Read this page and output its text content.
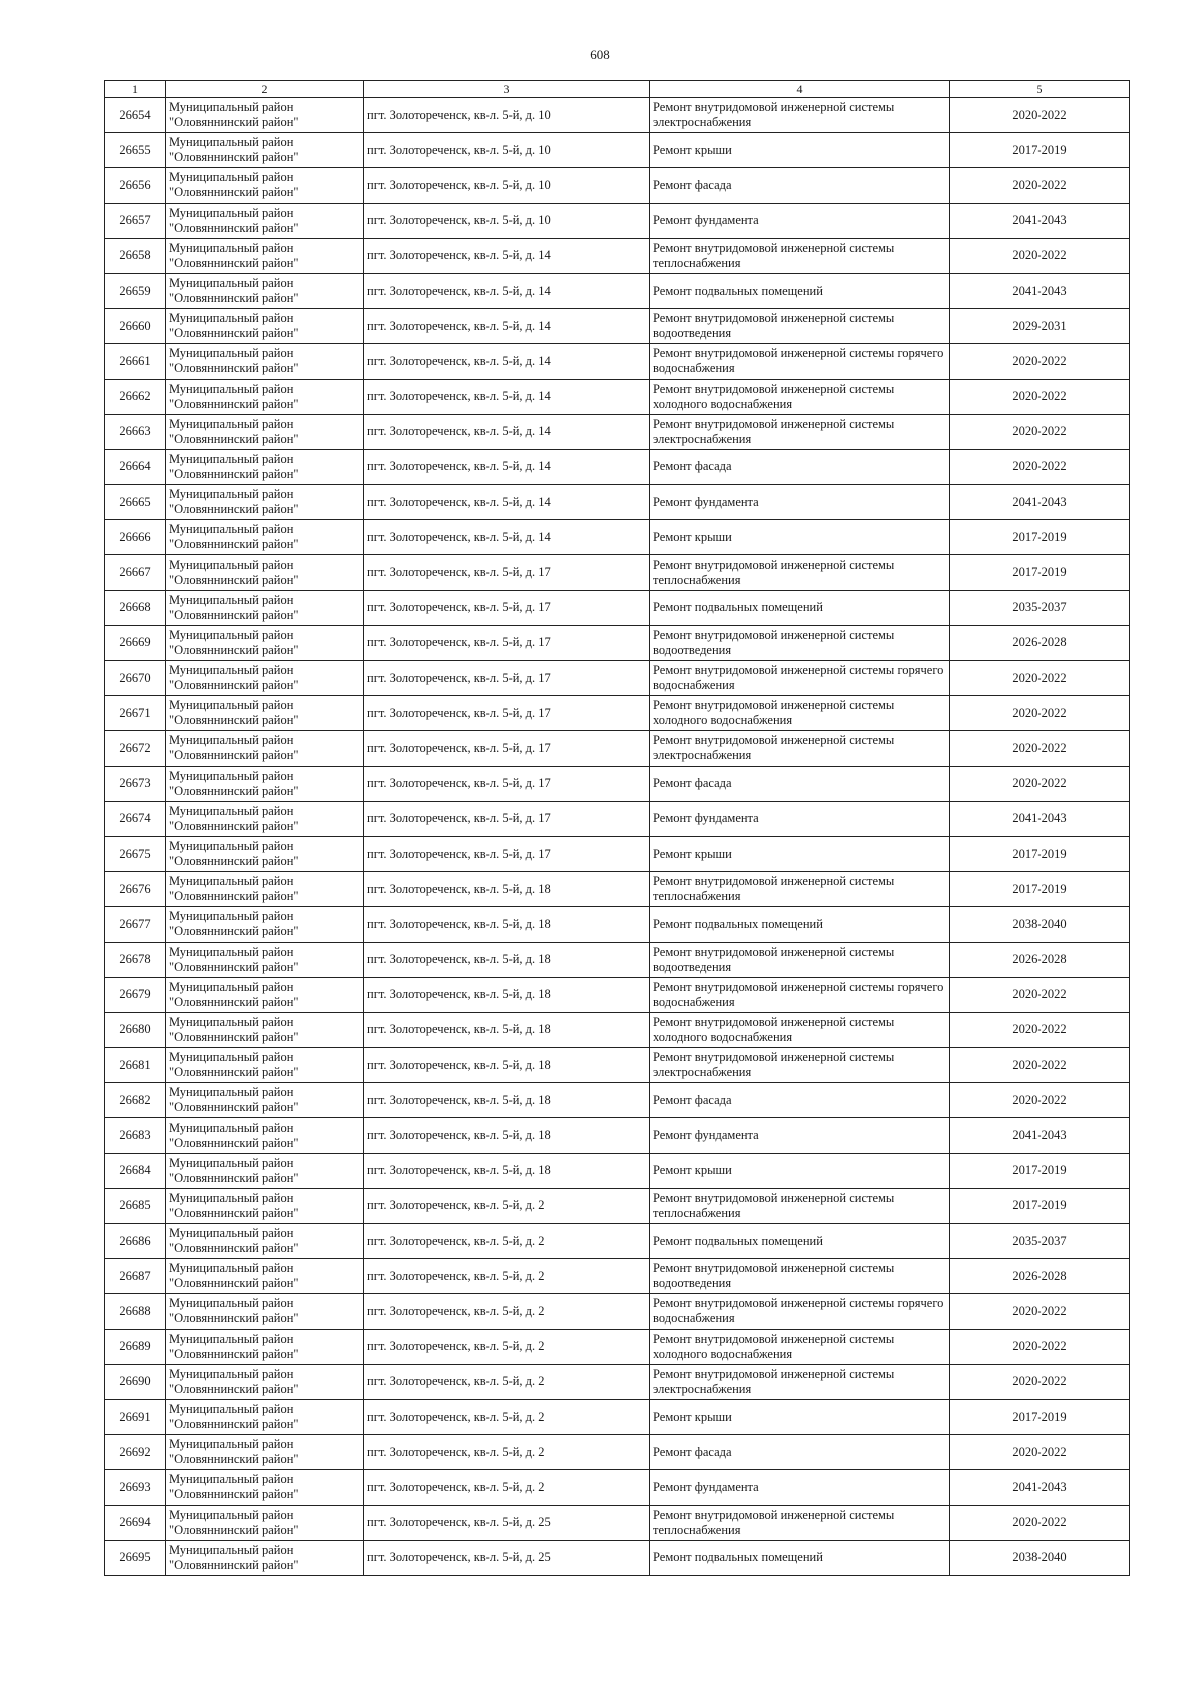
608
1	2	3	4	5
26654	Муниципальный район "Оловяннинский район"	пгт. Золотореченск, кв-л. 5-й, д. 10	Ремонт внутридомовой инженерной системы электроснабжения	2020-2022
26655	Муниципальный район "Оловяннинский район"	пгт. Золотореченск, кв-л. 5-й, д. 10	Ремонт крыши	2017-2019
26656	Муниципальный район "Оловяннинский район"	пгт. Золотореченск, кв-л. 5-й, д. 10	Ремонт фасада	2020-2022
26657	Муниципальный район "Оловяннинский район"	пгт. Золотореченск, кв-л. 5-й, д. 10	Ремонт фундамента	2041-2043
26658	Муниципальный район "Оловяннинский район"	пгт. Золотореченск, кв-л. 5-й, д. 14	Ремонт внутридомовой инженерной системы теплоснабжения	2020-2022
26659	Муниципальный район "Оловяннинский район"	пгт. Золотореченск, кв-л. 5-й, д. 14	Ремонт подвальных помещений	2041-2043
26660	Муниципальный район "Оловяннинский район"	пгт. Золотореченск, кв-л. 5-й, д. 14	Ремонт внутридомовой инженерной системы водоотведения	2029-2031
26661	Муниципальный район "Оловяннинский район"	пгт. Золотореченск, кв-л. 5-й, д. 14	Ремонт внутридомовой инженерной системы горячего водоснабжения	2020-2022
26662	Муниципальный район "Оловяннинский район"	пгт. Золотореченск, кв-л. 5-й, д. 14	Ремонт внутридомовой инженерной системы холодного водоснабжения	2020-2022
26663	Муниципальный район "Оловяннинский район"	пгт. Золотореченск, кв-л. 5-й, д. 14	Ремонт внутридомовой инженерной системы электроснабжения	2020-2022
26664	Муниципальный район "Оловяннинский район"	пгт. Золотореченск, кв-л. 5-й, д. 14	Ремонт фасада	2020-2022
26665	Муниципальный район "Оловяннинский район"	пгт. Золотореченск, кв-л. 5-й, д. 14	Ремонт фундамента	2041-2043
26666	Муниципальный район "Оловяннинский район"	пгт. Золотореченск, кв-л. 5-й, д. 14	Ремонт крыши	2017-2019
26667	Муниципальный район "Оловяннинский район"	пгт. Золотореченск, кв-л. 5-й, д. 17	Ремонт внутридомовой инженерной системы теплоснабжения	2017-2019
26668	Муниципальный район "Оловяннинский район"	пгт. Золотореченск, кв-л. 5-й, д. 17	Ремонт подвальных помещений	2035-2037
26669	Муниципальный район "Оловяннинский район"	пгт. Золотореченск, кв-л. 5-й, д. 17	Ремонт внутридомовой инженерной системы водоотведения	2026-2028
26670	Муниципальный район "Оловяннинский район"	пгт. Золотореченск, кв-л. 5-й, д. 17	Ремонт внутридомовой инженерной системы горячего водоснабжения	2020-2022
26671	Муниципальный район "Оловяннинский район"	пгт. Золотореченск, кв-л. 5-й, д. 17	Ремонт внутридомовой инженерной системы холодного водоснабжения	2020-2022
26672	Муниципальный район "Оловяннинский район"	пгт. Золотореченск, кв-л. 5-й, д. 17	Ремонт внутридомовой инженерной системы электроснабжения	2020-2022
26673	Муниципальный район "Оловяннинский район"	пгт. Золотореченск, кв-л. 5-й, д. 17	Ремонт фасада	2020-2022
26674	Муниципальный район "Оловяннинский район"	пгт. Золотореченск, кв-л. 5-й, д. 17	Ремонт фундамента	2041-2043
26675	Муниципальный район "Оловяннинский район"	пгт. Золотореченск, кв-л. 5-й, д. 17	Ремонт крыши	2017-2019
26676	Муниципальный район "Оловяннинский район"	пгт. Золотореченск, кв-л. 5-й, д. 18	Ремонт внутридомовой инженерной системы теплоснабжения	2017-2019
26677	Муниципальный район "Оловяннинский район"	пгт. Золотореченск, кв-л. 5-й, д. 18	Ремонт подвальных помещений	2038-2040
26678	Муниципальный район "Оловяннинский район"	пгт. Золотореченск, кв-л. 5-й, д. 18	Ремонт внутридомовой инженерной системы водоотведения	2026-2028
26679	Муниципальный район "Оловяннинский район"	пгт. Золотореченск, кв-л. 5-й, д. 18	Ремонт внутридомовой инженерной системы горячего водоснабжения	2020-2022
26680	Муниципальный район "Оловяннинский район"	пгт. Золотореченск, кв-л. 5-й, д. 18	Ремонт внутридомовой инженерной системы холодного водоснабжения	2020-2022
26681	Муниципальный район "Оловяннинский район"	пгт. Золотореченск, кв-л. 5-й, д. 18	Ремонт внутридомовой инженерной системы электроснабжения	2020-2022
26682	Муниципальный район "Оловяннинский район"	пгт. Золотореченск, кв-л. 5-й, д. 18	Ремонт фасада	2020-2022
26683	Муниципальный район "Оловяннинский район"	пгт. Золотореченск, кв-л. 5-й, д. 18	Ремонт фундамента	2041-2043
26684	Муниципальный район "Оловяннинский район"	пгт. Золотореченск, кв-л. 5-й, д. 18	Ремонт крыши	2017-2019
26685	Муниципальный район "Оловяннинский район"	пгт. Золотореченск, кв-л. 5-й, д. 2	Ремонт внутридомовой инженерной системы теплоснабжения	2017-2019
26686	Муниципальный район "Оловяннинский район"	пгт. Золотореченск, кв-л. 5-й, д. 2	Ремонт подвальных помещений	2035-2037
26687	Муниципальный район "Оловяннинский район"	пгт. Золотореченск, кв-л. 5-й, д. 2	Ремонт внутридомовой инженерной системы водоотведения	2026-2028
26688	Муниципальный район "Оловяннинский район"	пгт. Золотореченск, кв-л. 5-й, д. 2	Ремонт внутридомовой инженерной системы горячего водоснабжения	2020-2022
26689	Муниципальный район "Оловяннинский район"	пгт. Золотореченск, кв-л. 5-й, д. 2	Ремонт внутридомовой инженерной системы холодного водоснабжения	2020-2022
26690	Муниципальный район "Оловяннинский район"	пгт. Золотореченск, кв-л. 5-й, д. 2	Ремонт внутридомовой инженерной системы электроснабжения	2020-2022
26691	Муниципальный район "Оловяннинский район"	пгт. Золотореченск, кв-л. 5-й, д. 2	Ремонт крыши	2017-2019
26692	Муниципальный район "Оловяннинский район"	пгт. Золотореченск, кв-л. 5-й, д. 2	Ремонт фасада	2020-2022
26693	Муниципальный район "Оловяннинский район"	пгт. Золотореченск, кв-л. 5-й, д. 2	Ремонт фундамента	2041-2043
26694	Муниципальный район "Оловяннинский район"	пгт. Золотореченск, кв-л. 5-й, д. 25	Ремонт внутридомовой инженерной системы теплоснабжения	2020-2022
26695	Муниципальный район "Оловяннинский район"	пгт. Золотореченск, кв-л. 5-й, д. 25	Ремонт подвальных помещений	2038-2040
